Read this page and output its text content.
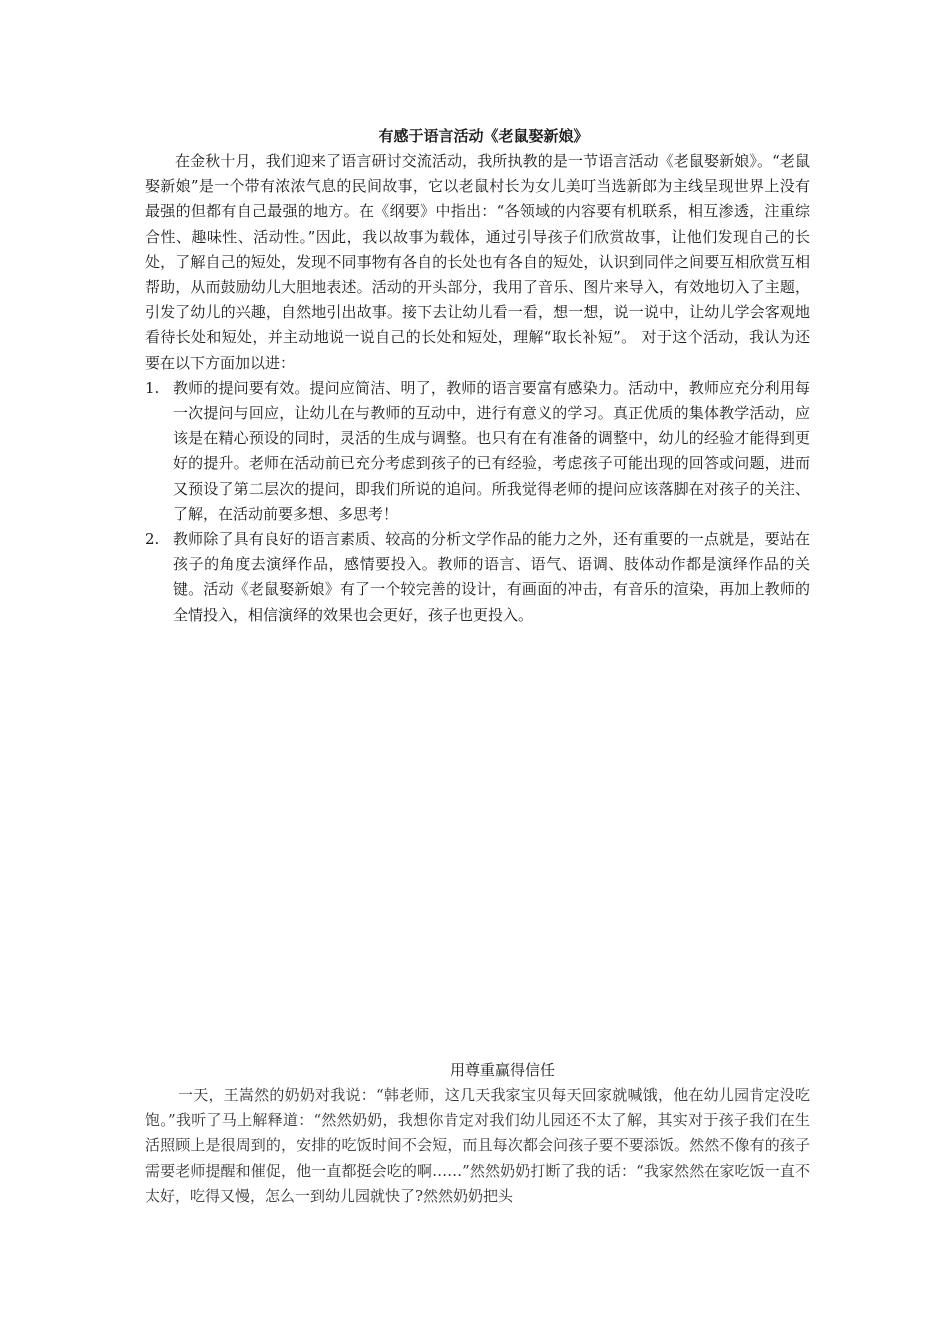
有感于语言活动《老鼠娶新娘》

在金秋十月，我们迎来了语言研讨交流活动，我所执教的是一节语言活动《老鼠娶新娘》。“老鼠娶新娘”是一个带有浓浓气息的民间故事，它以老鼠村长为女儿美叮当选新郎为主线呈现世界上没有最强的但都有自己最强的地方。在《纲要》中指出：“各领域的内容要有机联系，相互渗透，注重综合性、趣味性、活动性。”因此，我以故事为载体，通过引导孩子们欣赏故事，让他们发现自己的长处，了解自己的短处，发现不同事物有各自的长处也有各自的短处，认识到同伴之间要互相欣赏互相帮助，从而鼓励幼儿大胆地表述。活动的开头部分，我用了音乐、图片来导入，有效地切入了主题，引发了幼儿的兴趣，自然地引出故事。接下去让幼儿看一看，想一想，说一说中，让幼儿学会客观地看待长处和短处，并主动地说一说自己的长处和短处，理解“取长补短”。 对于这个活动，我认为还要在以下方面加以进：

1. 教师的提问要有效。提问应简洁、明了，教师的语言要富有感染力。活动中，教师应充分利用每一次提问与回应，让幼儿在与教师的互动中，进行有意义的学习。真正优质的集体教学活动，应该是在精心预设的同时，灵活的生成与调整。也只有在有准备的调整中，幼儿的经验才能得到更好的提升。老师在活动前已充分考虑到孩子的已有经验，考虑孩子可能出现的回答或问题，进而又预设了第二层次的提问，即我们所说的追问。所我觉得老师的提问应该落脚在对孩子的关注、了解，在活动前要多想、多思考！
2. 教师除了具有良好的语言素质、较高的分析文学作品的能力之外，还有重要的一点就是，要站在孩子的角度去演绎作品，感情要投入。教师的语言、语气、语调、肢体动作都是演绎作品的关键。活动《老鼠娶新娘》有了一个较完善的设计，有画面的冲击，有音乐的渲染，再加上教师的全情投入，相信演绎的效果也会更好，孩子也更投入。
用尊重赢得信任

一天，王嵩然的奶奶对我说：“韩老师，这几天我家宝贝每天回家就喊饿，他在幼儿园肯定没吃饱。”我听了马上解释道：“然然奶奶，我想你肯定对我们幼儿园还不太了解，其实对于孩子我们在生活照顾上是很周到的，安排的吃饭时间不会短，而且每次都会问孩子要不要添饭。然然不像有的孩子需要老师提醒和催促，他一直都挺会吃的啊……”然然奶奶打断了我的话：“我家然然在家吃饭一直不太好，吃得又慢，怎么一到幼儿园就快了?然然奶奶把头
